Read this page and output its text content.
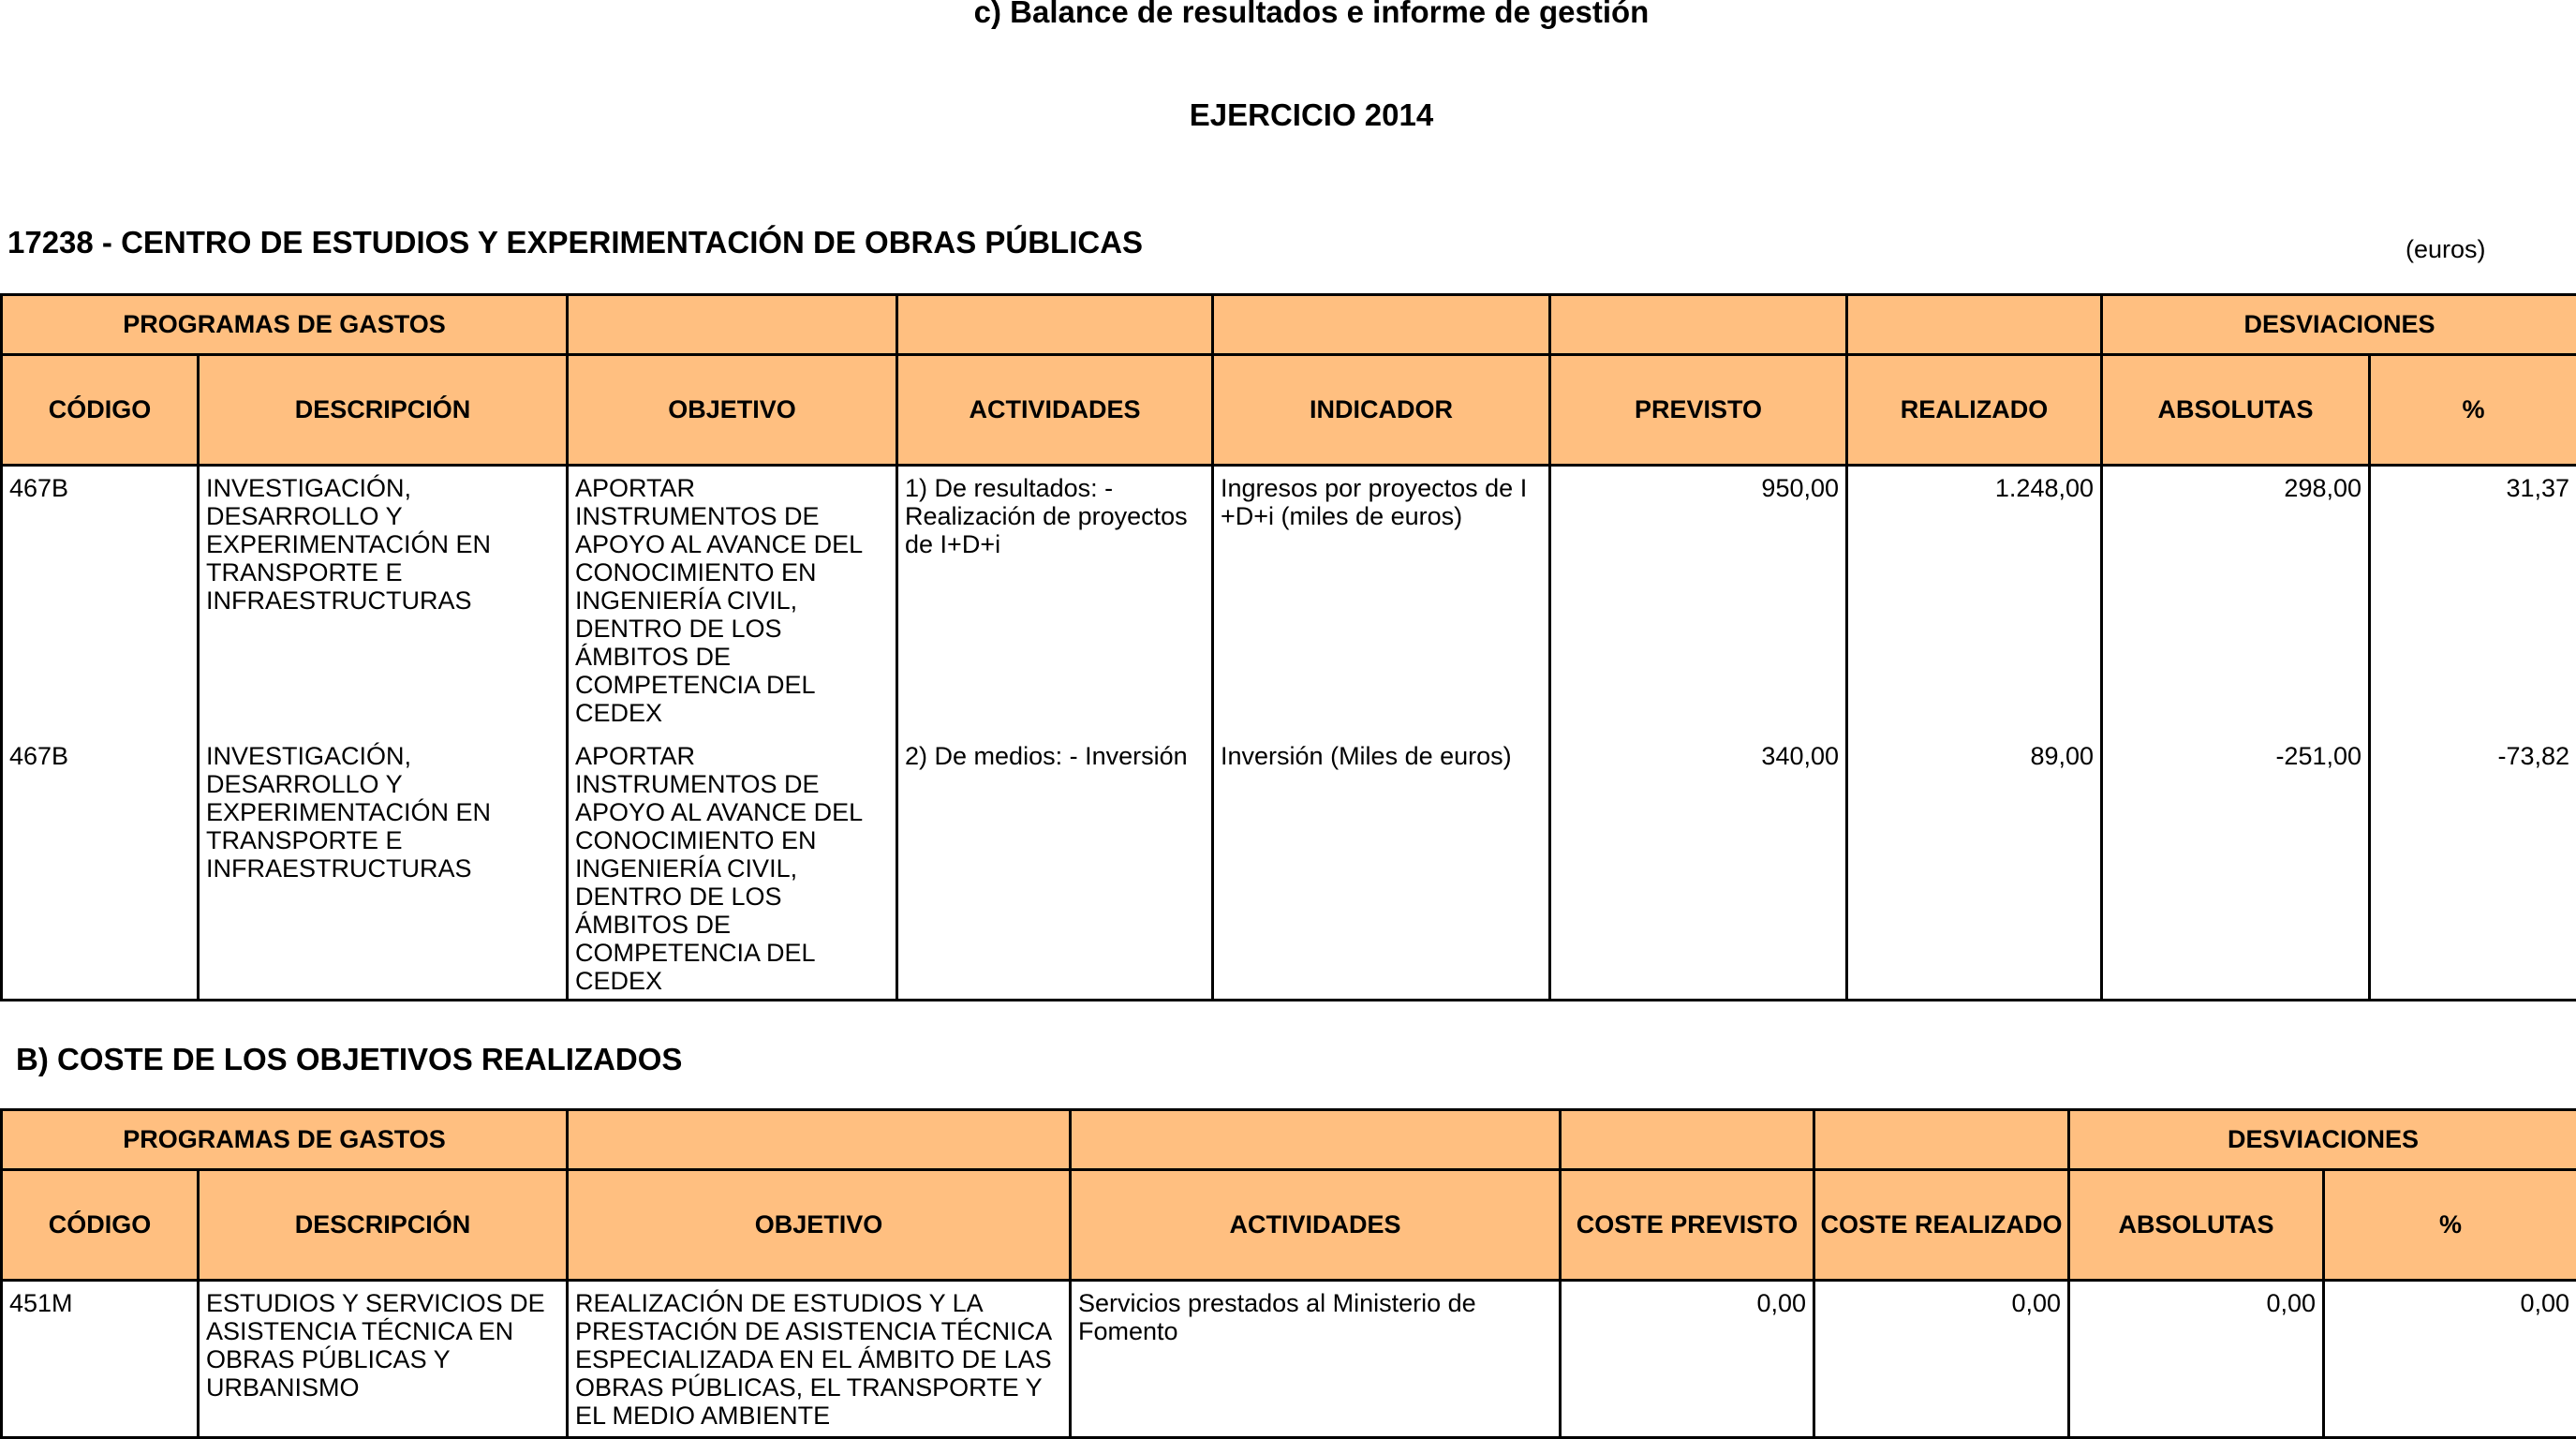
c) Balance de resultados e informe de gestión
EJERCICIO 2014
17238 - CENTRO DE ESTUDIOS Y EXPERIMENTACIÓN DE OBRAS PÚBLICAS	(euros)
PROGRAMAS DE GASTOS							DESVIACIONES	
CÓDIGO	DESCRIPCIÓN	OBJETIVO	ACTIVIDADES	INDICADOR	PREVISTO	REALIZADO	ABSOLUTAS	%
467B	INVESTIGACIÓN, DESARROLLO Y EXPERIMENTACIÓN EN TRANSPORTE E INFRAESTRUCTURAS	APORTAR INSTRUMENTOS DE APOYO AL AVANCE DEL CONOCIMIENTO EN INGENIERÍA CIVIL, DENTRO DE LOS ÁMBITOS DE COMPETENCIA DEL CEDEX	1) De resultados: - Realización de proyectos de I+D+i	Ingresos por proyectos de I +D+i (miles de euros)	950,00	1.248,00	298,00	31,37
467B	INVESTIGACIÓN, DESARROLLO Y EXPERIMENTACIÓN EN TRANSPORTE E INFRAESTRUCTURAS	APORTAR INSTRUMENTOS DE APOYO AL AVANCE DEL CONOCIMIENTO EN INGENIERÍA CIVIL, DENTRO DE LOS ÁMBITOS DE COMPETENCIA DEL CEDEX	2) De medios: - Inversión	Inversión (Miles de euros)	340,00	89,00	-251,00	-73,82
B) COSTE DE LOS OBJETIVOS REALIZADOS
PROGRAMAS DE GASTOS						DESVIACIONES	
CÓDIGO	DESCRIPCIÓN	OBJETIVO	ACTIVIDADES	COSTE PREVISTO	COSTE REALIZADO	ABSOLUTAS	%
451M	ESTUDIOS Y SERVICIOS DE ASISTENCIA TÉCNICA EN OBRAS PÚBLICAS Y URBANISMO	REALIZACIÓN DE ESTUDIOS Y LA PRESTACIÓN DE ASISTENCIA TÉCNICA ESPECIALIZADA EN EL ÁMBITO DE LAS OBRAS PÚBLICAS, EL TRANSPORTE Y EL MEDIO AMBIENTE	Servicios prestados al Ministerio de Fomento	0,00	0,00	0,00	0,00
